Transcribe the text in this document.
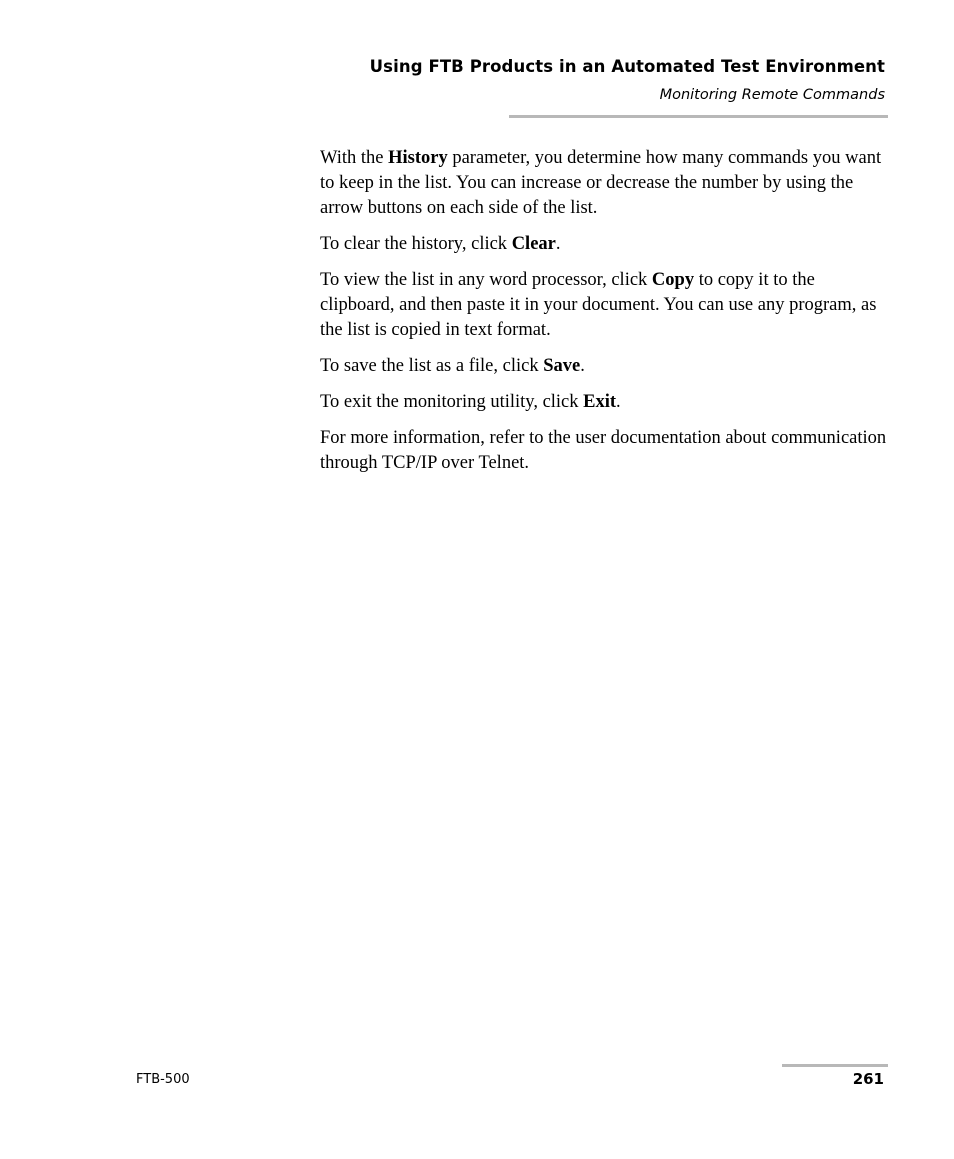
Using FTB Products in an Automated Test Environment
Monitoring Remote Commands

With the History parameter, you determine how many commands you want to keep in the list. You can increase or decrease the number by using the arrow buttons on each side of the list.

To clear the history, click Clear.

To view the list in any word processor, click Copy to copy it to the clipboard, and then paste it in your document. You can use any program, as the list is copied in text format.

To save the list as a file, click Save.

To exit the monitoring utility, click Exit.

For more information, refer to the user documentation about communication through TCP/IP over Telnet.

FTB-500	261
